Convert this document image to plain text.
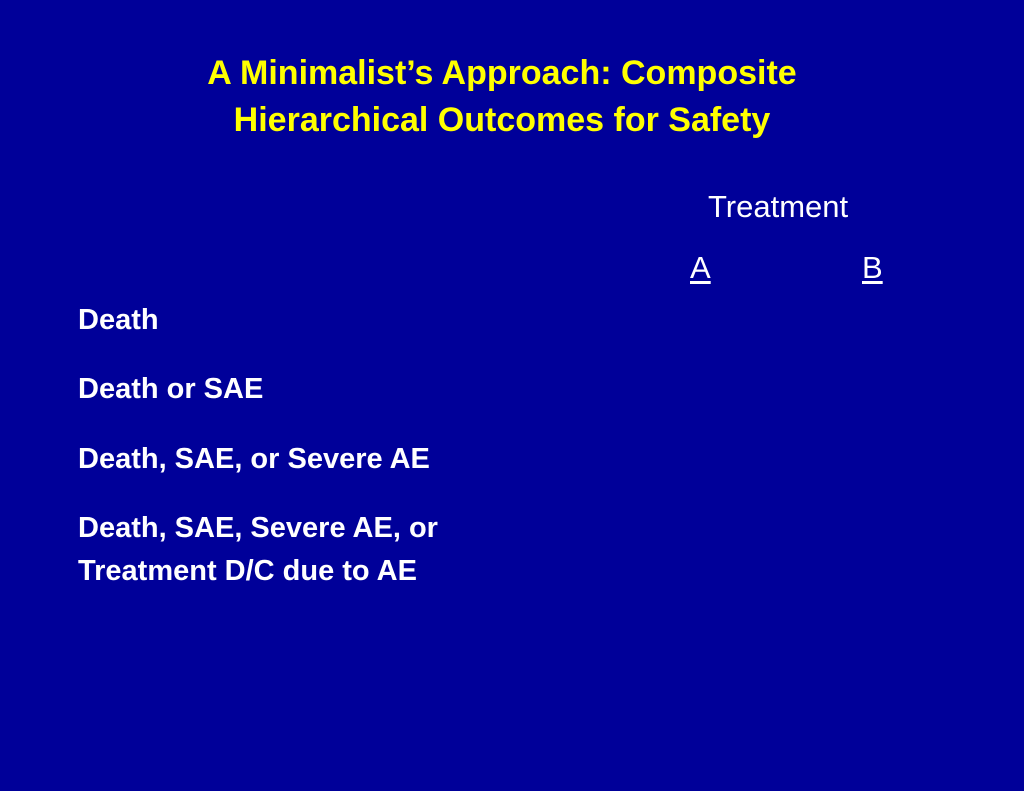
A Minimalist’s Approach: Composite
Hierarchical Outcomes for Safety
Treatment
A	B
Death
Death or SAE
Death, SAE, or Severe AE
Death, SAE, Severe AE, or
Treatment D/C due to AE
